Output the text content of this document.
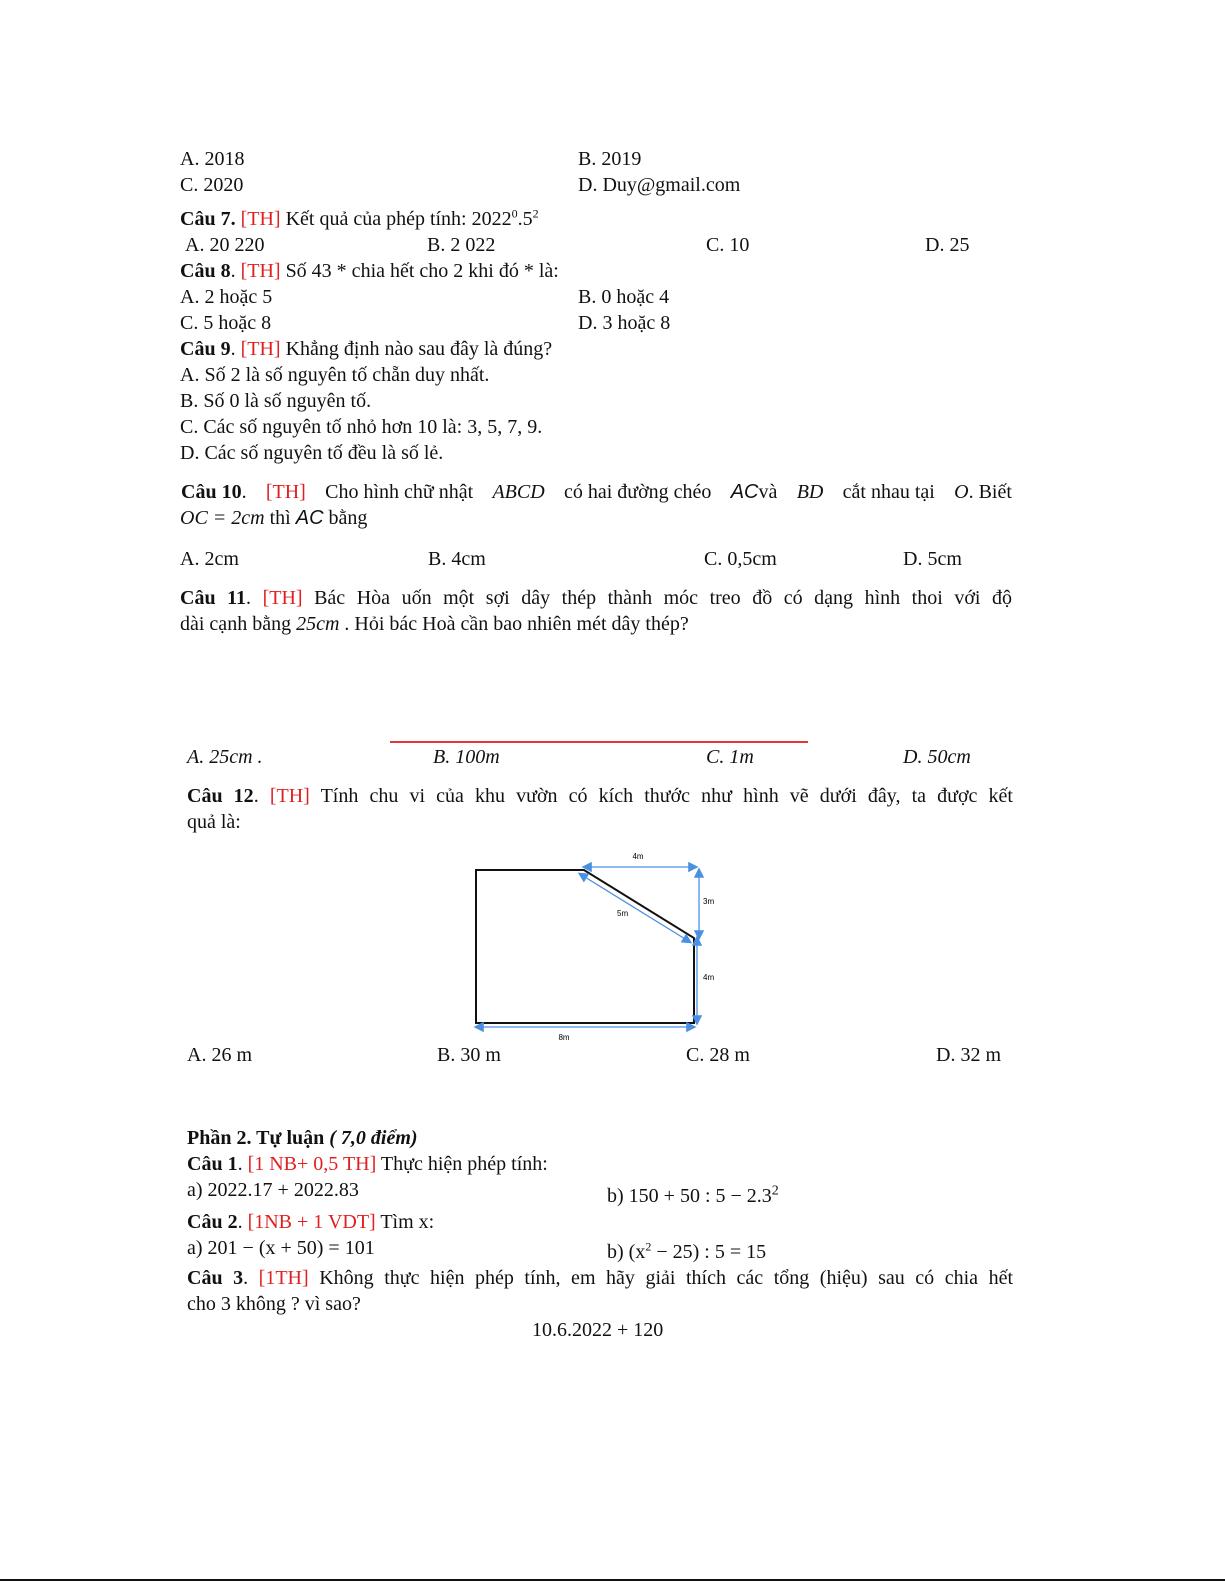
A. 2018	B. 2019
C. 2020	D. Duy@gmail.com
Câu 7. [TH] Kết quả của phép tính: $2022^0.5^2$
A. 20 220	B. 2 022	C. 10	D. 25
Câu 8. [TH] Số 43 * chia hết cho 2 khi đó * là:
A. 2 hoặc 5	B. 0 hoặc 4
C. 5 hoặc 8	D. 3 hoặc 8
Câu 9. [TH] Khẳng định nào sau đây là đúng?
A. Số 2 là số nguyên tố chẵn duy nhất.
B. Số 0 là số nguyên tố.
C. Các số nguyên tố nhỏ hơn 10 là: 3, 5, 7, 9.
D. Các số nguyên tố đều là số lẻ.
Câu 10. [TH] Cho hình chữ nhật ABCD có hai đường chéo ACvà BD cắt nhau tại O. Biết
OC = 2cm thì AC bằng
A. 2cm	B. 4cm	C. 0,5cm	D. 5cm
Câu 11. [TH] Bác Hòa uốn một sợi dây thép thành móc treo đồ có dạng hình thoi với độ
dài cạnh bằng 25cm . Hỏi bác Hoà cần bao nhiên mét dây thép?
A. 25cm .	B. 100m	C. 1m	D. 50cm
Câu 12. [TH] Tính chu vi của khu vườn có kích thước như hình vẽ dưới đây, ta được kết
quả là:
4m
3m
5m
4m
8m
A. 26 m	B. 30 m	C. 28 m	D. 32 m
Phần 2. Tự luận ( 7,0 điểm)
Câu 1. [1 NB+ 0,5 TH] Thực hiện phép tính:
a) 2022.17 + 2022.83	b) 150 + 50 : $5 - 2.3^2$
Câu 2. [1NB + 1 VDT] Tìm x:
a) 201 − (x + 50) = 101	b) $(x^2 - 25)$ : 5 = 15
Câu 3. [1TH] Không thực hiện phép tính, em hãy giải thích các tổng (hiệu) sau có chia hết
cho 3 không ? vì sao?
10.6.2022 + 120
